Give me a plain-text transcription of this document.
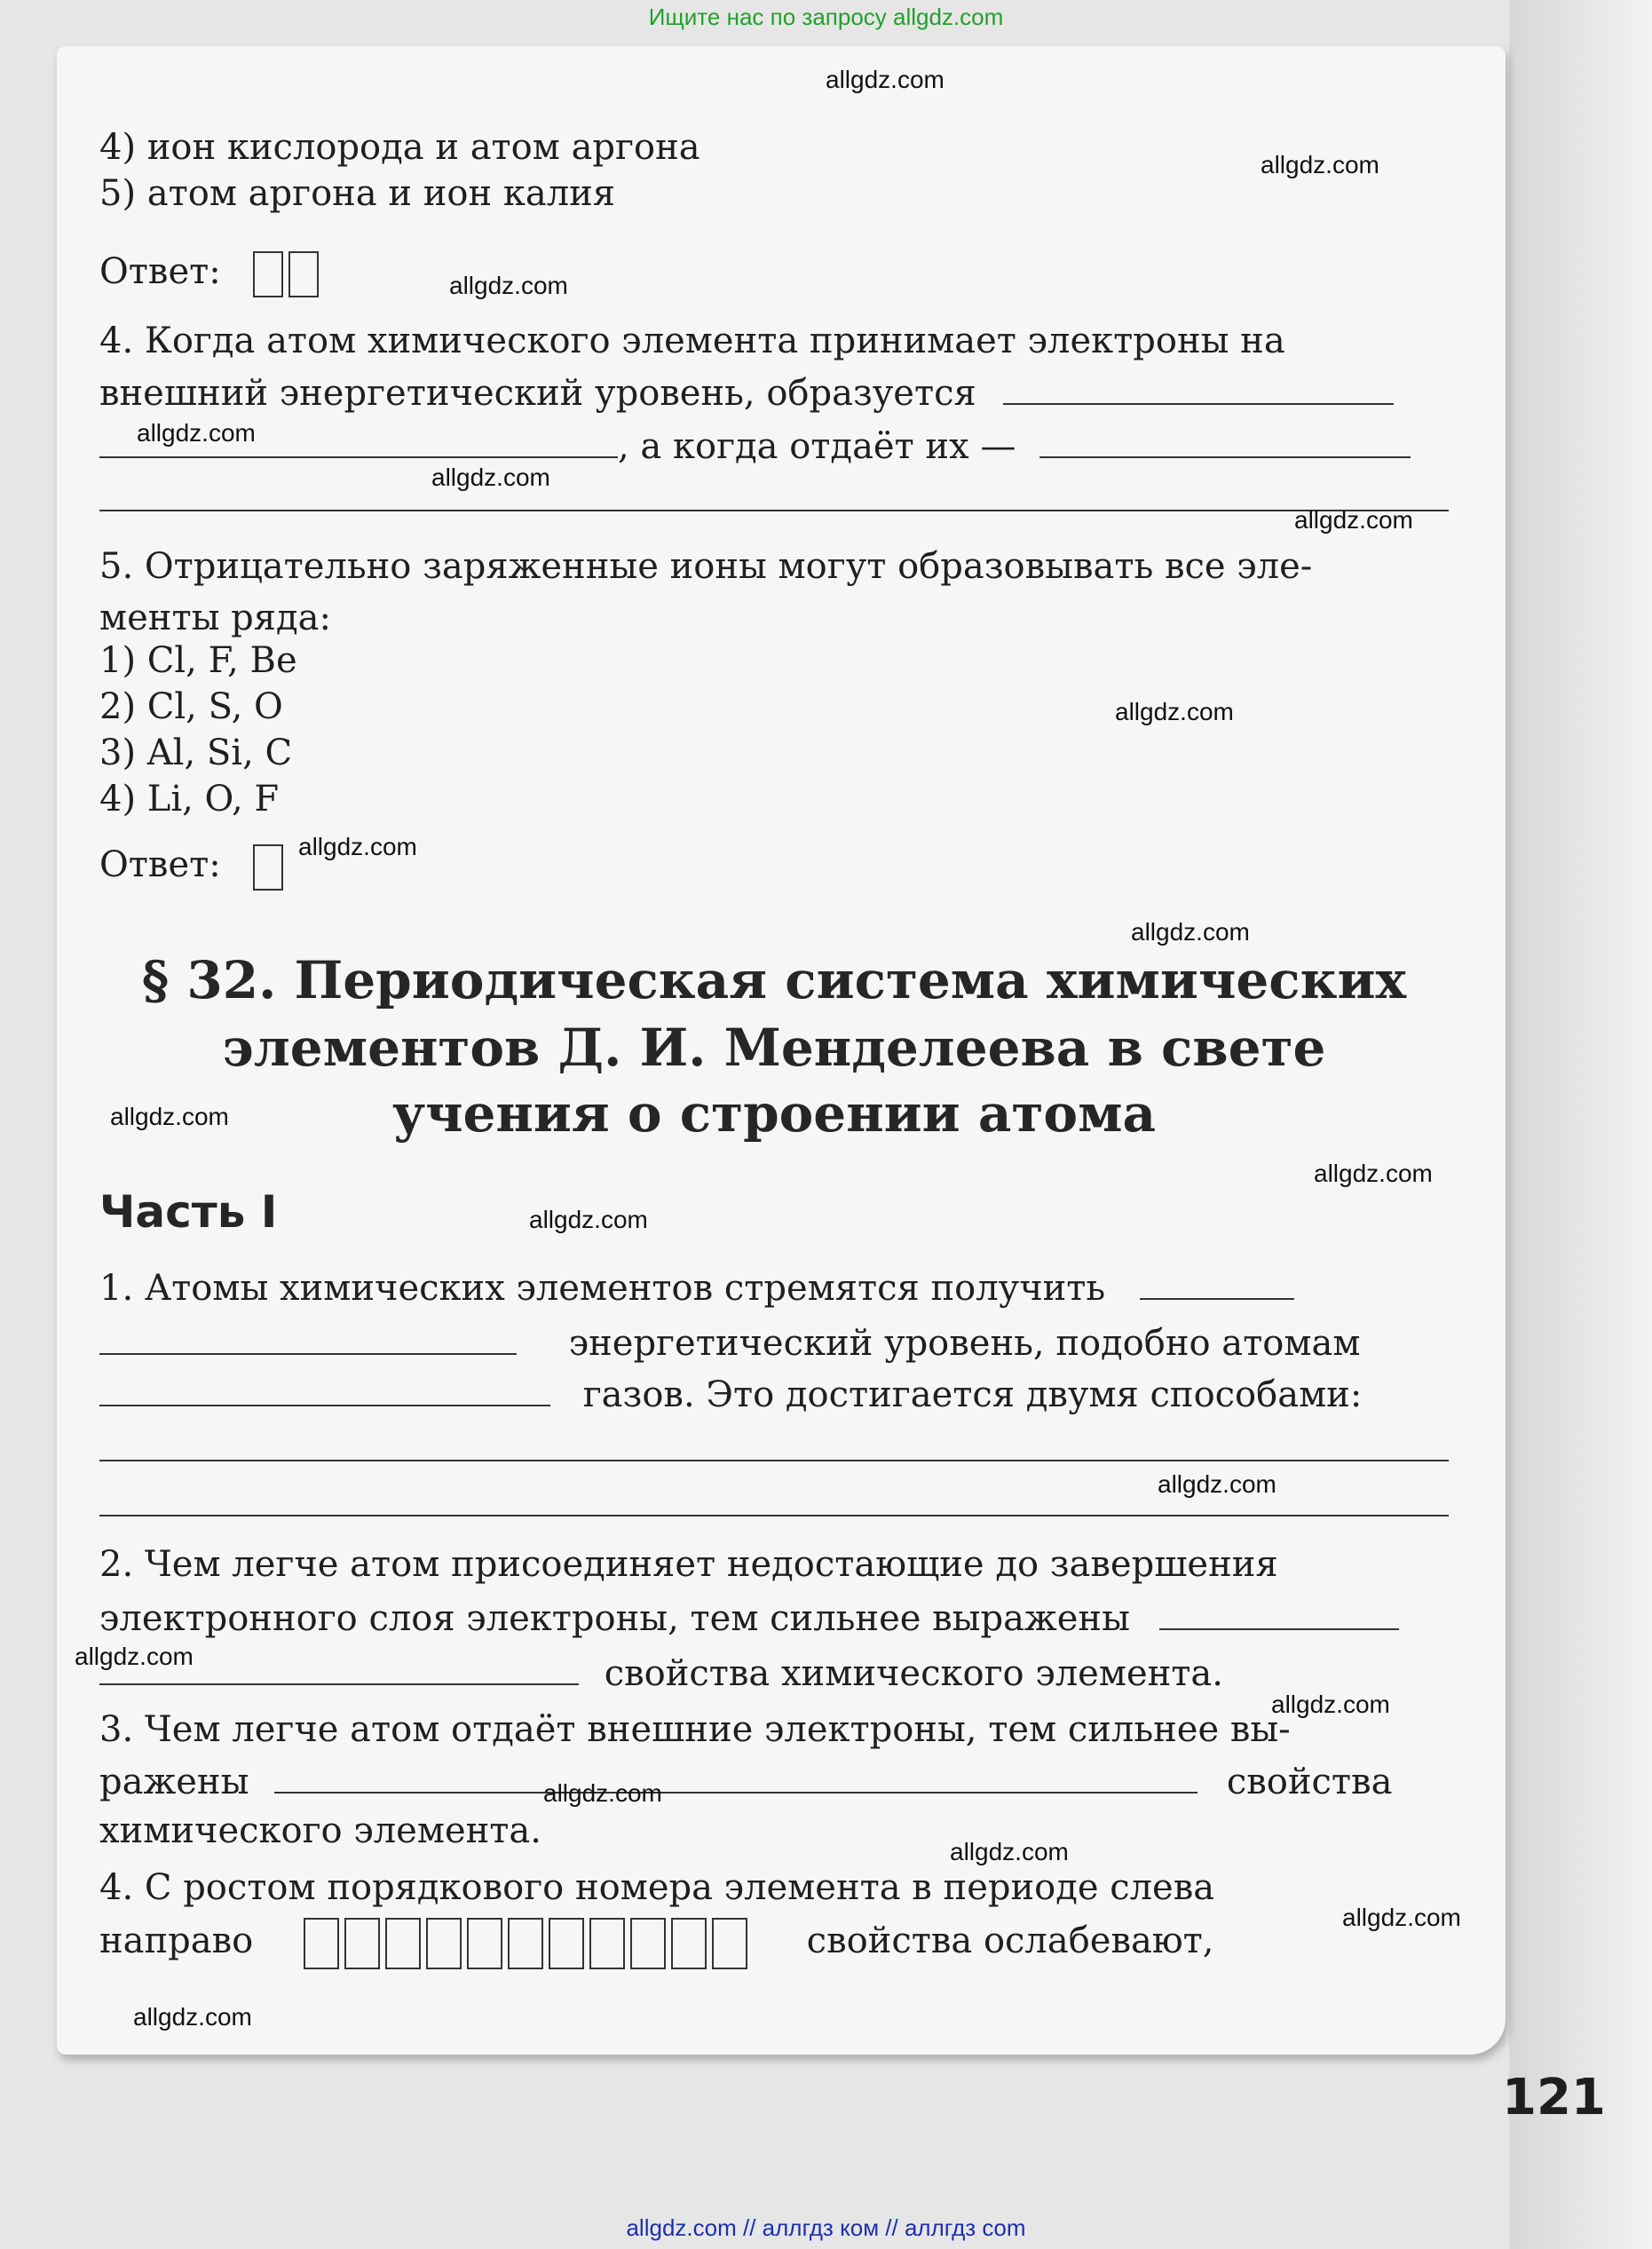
Ищите нас по запросу allgdz.com
4) ион кислорода и атом аргона
5) атом аргона и ион калия
Ответ:
4. Когда атом химического элемента принимает электроны на
внешний энергетический уровень, образуется
, а когда отдаёт их —
5. Отрицательно заряженные ионы могут образовывать все эле-
менты ряда:
1) Cl, F, Be
2) Cl, S, O
3) Al, Si, C
4) Li, O, F
Ответ:
§ 32. Периодическая система химических
элементов Д. И. Менделеева в свете
учения о строении атома
Часть I
1. Атомы химических элементов стремятся получить
энергетический уровень, подобно атомам
газов. Это достигается двумя способами:
2. Чем легче атом присоединяет недостающие до завершения
электронного слоя электроны, тем сильнее выражены
свойства химического элемента.
3. Чем легче атом отдаёт внешние электроны, тем сильнее вы-
ражены	свойства
химического элемента.
4. С ростом порядкового номера элемента в периоде слева
направо	свойства ослабевают,
121
allgdz.com
allgdz.com
allgdz.com
allgdz.com
allgdz.com
allgdz.com
allgdz.com
allgdz.com
allgdz.com
allgdz.com
allgdz.com
allgdz.com
allgdz.com
allgdz.com
allgdz.com
allgdz.com
allgdz.com
allgdz.com
allgdz.com
allgdz.com // аллгдз ком // аллгдз com
